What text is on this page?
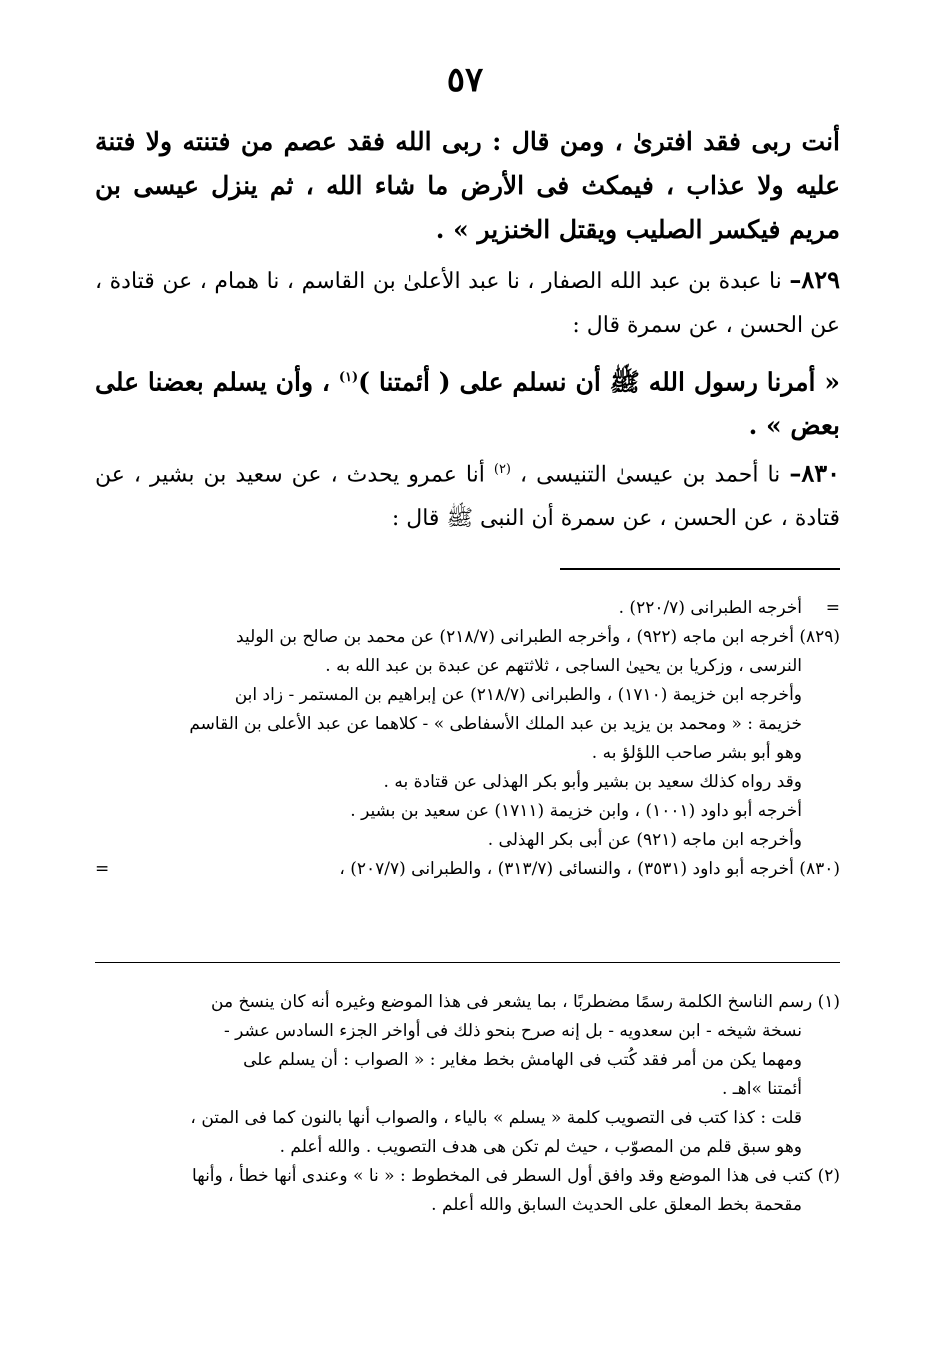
٥٧
أنت ربى فقد افترىٰ ، ومن قال : ربى الله فقد عصم من فتنته ولا فتنة عليه ولا عذاب ، فيمكث فى الأرض ما شاء الله ، ثم ينزل عيسى بن مريم فيكسر الصليب ويقتل الخنزير » .
٨٢٩– نا عبدة بن عبد الله الصفار ، نا عبد الأعلىٰ بن القاسم ، نا همام ، عن قتادة ، عن الحسن ، عن سمرة قال :
« أمرنا رسول الله ﷺ أن نسلم على ( أئمتنا )$^{(١)}$ ، وأن يسلم بعضنا على بعض » .
٨٣٠– نا أحمد بن عيسىٰ التنيسى ، $^{(٢)}$ أنا عمرو يحدث ، عن سعيد بن بشير ، عن قتادة ، عن الحسن ، عن سمرة أن النبى ﷺ قال :
=
أخرجه الطبرانى (٢٢٠/٧) .
(٨٢٩) أخرجه ابن ماجه (٩٢٢) ، وأخرجه الطبرانى (٢١٨/٧) عن محمد بن صالح بن الوليد
النرسى ، وزكريا بن يحيىٰ الساجى ، ثلاثتهم عن عبدة بن عبد الله به .
وأخرجه ابن خزيمة (١٧١٠) ، والطبرانى (٢١٨/٧) عن إبراهيم بن المستمر - زاد ابن
خزيمة : « ومحمد بن يزيد بن عبد الملك الأسفاطى » - كلاهما عن عبد الأعلى بن القاسم
وهو أبو بشر صاحب اللؤلؤ به .
وقد رواه كذلك سعيد بن بشير وأبو بكر الهذلى عن قتادة به .
أخرجه أبو داود (١٠٠١) ، وابن خزيمة (١٧١١) عن سعيد بن بشير .
وأخرجه ابن ماجه (٩٢١) عن أبى بكر الهذلى .
(٨٣٠) أخرجه أبو داود (٣٥٣١) ، والنسائى (٣١٣/٧) ، والطبرانى (٢٠٧/٧) ،
=
(١) رسم الناسخ الكلمة رسمًا مضطربًا ، بما يشعر فى هذا الموضع وغيره أنه كان ينسخ من
نسخة شيخه - ابن سعدويه - بل إنه صرح بنحو ذلك فى أواخر الجزء السادس عشر -
ومهما يكن من أمر فقد كُتب فى الهامش بخط مغاير : « الصواب : أن يسلم على
أئمتنا »اهـ .
قلت : كذا كتب فى التصويب كلمة « يسلم » بالياء ، والصواب أنها بالنون كما فى المتن ،
وهو سبق قلم من المصوّب ، حيث لم تكن هى هدف التصويب . والله أعلم .
(٢) كتب فى هذا الموضع وقد وافق أول السطر فى المخطوط : « نا » وعندى أنها خطأ ، وأنها
مقحمة بخط المعلق على الحديث السابق والله أعلم .
